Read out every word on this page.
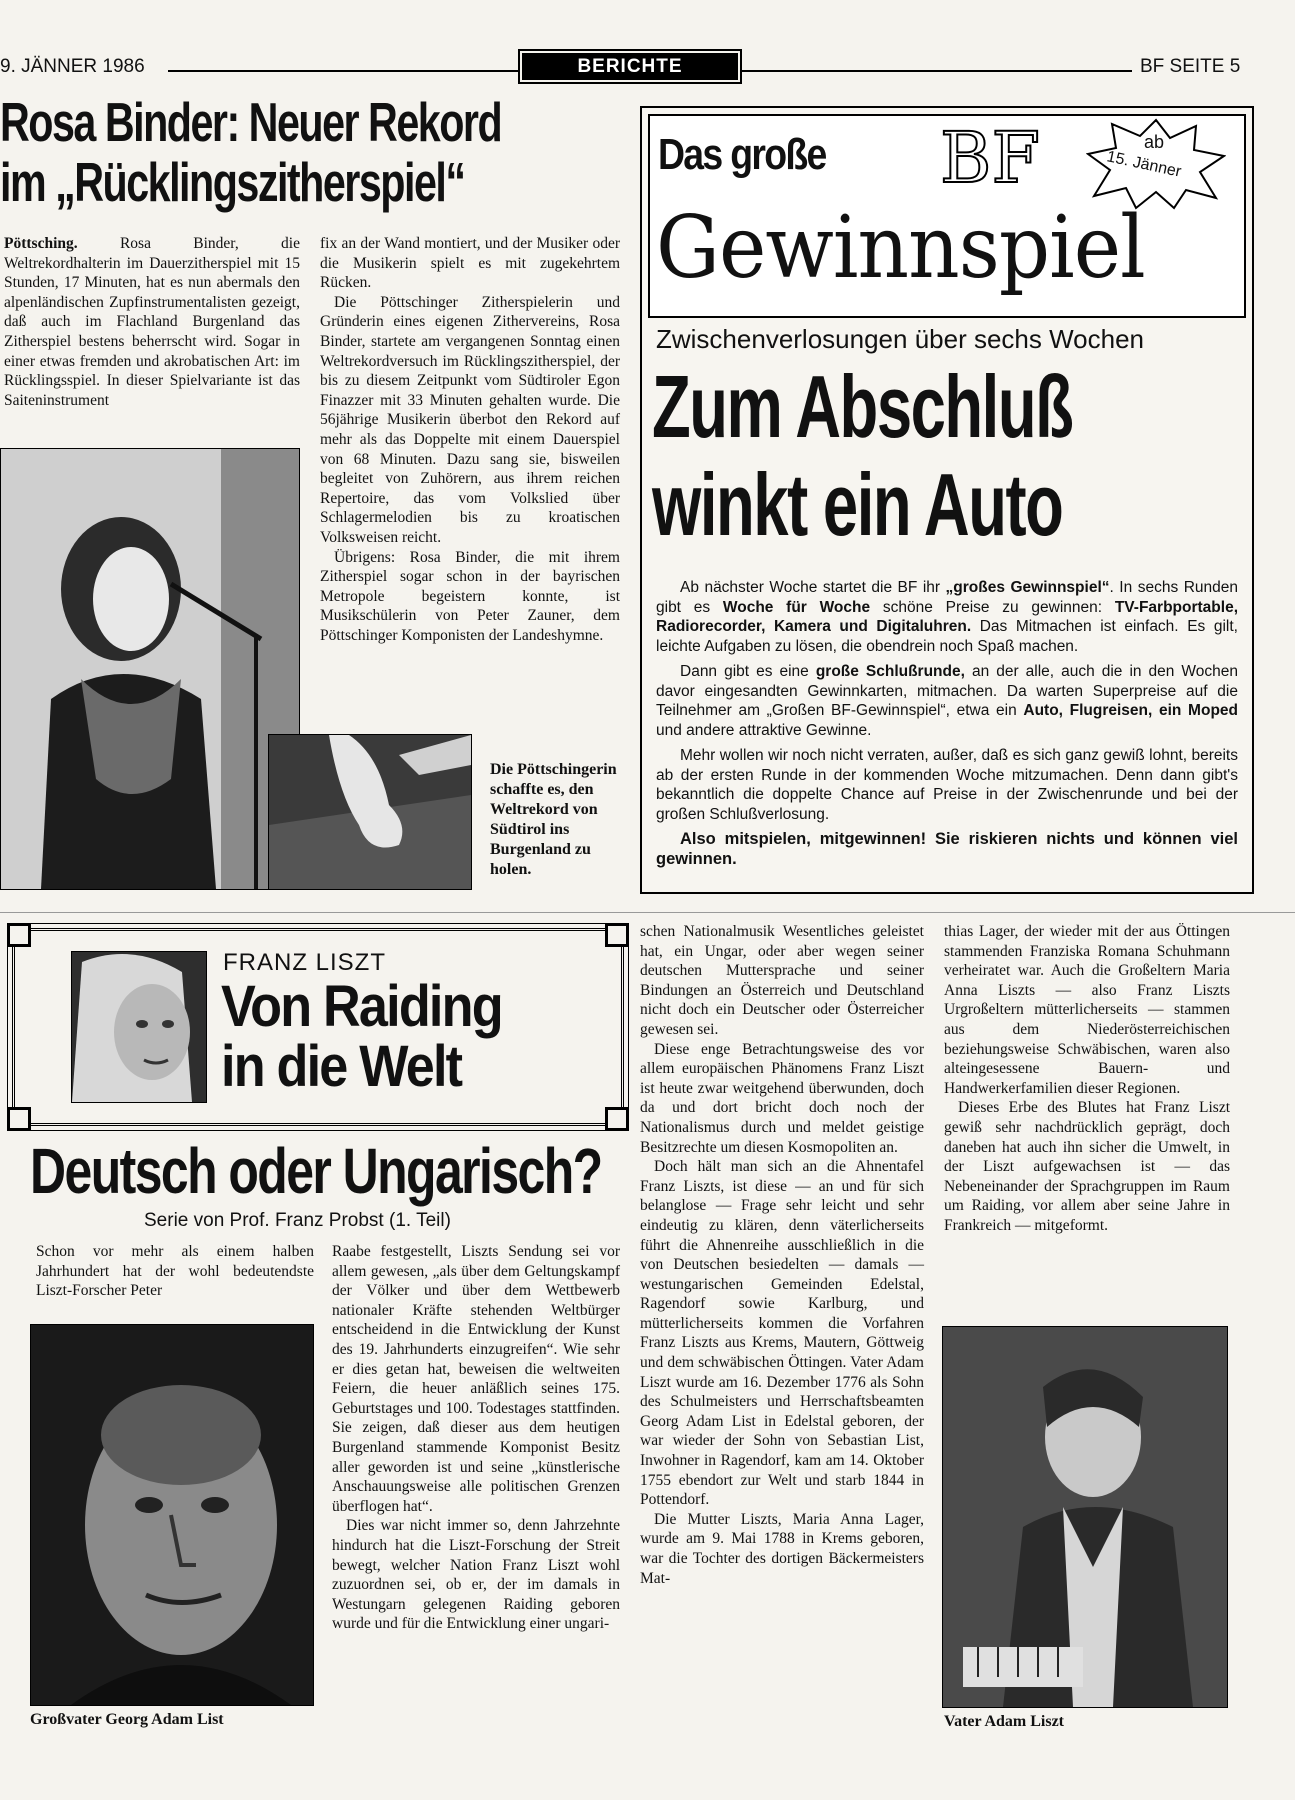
9. JÄNNER 1986	BERICHTE	BF SEITE 5
Rosa Binder: Neuer Rekord
im „Rücklingszitherspiel“

Pöttsching.	Rosa Binder, die Weltrekordhalterin im Dauerzitherspiel mit 15 Stunden, 17 Minuten, hat es nun abermals den alpenländischen Zupfinstrumentalisten gezeigt, daß auch im Flachland Burgenland das Zitherspiel bestens beherrscht wird. Sogar in einer etwas fremden und akrobatischen Art: im Rücklingsspiel. In dieser Spielvariante ist das Saiteninstrument

fix an der Wand montiert, und der Musiker oder die Musikerin spielt es mit zugekehrtem Rücken.

Die Pöttschinger Zitherspielerin und Gründerin eines eigenen Zithervereins, Rosa Binder, startete am vergangenen Sonntag einen Weltrekordversuch im Rücklingszitherspiel, der bis zu diesem Zeitpunkt vom Südtiroler Egon Finazzer mit 33 Minuten gehalten wurde. Die 56jährige Musikerin überbot den Rekord auf mehr als das Doppelte mit einem Dauerspiel von 68 Minuten. Dazu sang sie, bisweilen begleitet von Zuhörern, aus ihrem reichen Repertoire, das vom Volkslied über Schlagermelodien bis zu kroatischen Volksweisen reicht.

Übrigens: Rosa Binder, die mit ihrem Zitherspiel sogar schon in der bayrischen Metropole begeistern konnte, ist Musikschülerin von Peter Zauner, dem Pöttschinger Komponisten der Landeshymne.

Die Pöttschingerin schaffte es, den Weltrekord von Südtirol ins Burgenland zu holen.
Das große BF	ab
15. Jänner
Gewinnspiel
Zwischenverlosungen über sechs Wochen
Zum Abschluß
winkt ein Auto

Ab nächster Woche startet die BF ihr „großes Gewinnspiel“. In sechs Runden gibt es Woche für Woche schöne Preise zu gewinnen: TV-Farbportable, Radiorecorder, Kamera und Digitaluhren. Das Mitmachen ist einfach. Es gilt, leichte Aufgaben zu lösen, die obendrein noch Spaß machen.

Dann gibt es eine große Schlußrunde, an der alle, auch die in den Wochen davor eingesandten Gewinnkarten, mitmachen. Da warten Superpreise auf die Teilnehmer am „Großen BF-Gewinnspiel“, etwa ein Auto, Flugreisen, ein Moped und andere attraktive Gewinne.

Mehr wollen wir noch nicht verraten, außer, daß es sich ganz gewiß lohnt, bereits ab der ersten Runde in der kommenden Woche mitzumachen. Denn dann gibt's bekanntlich die doppelte Chance auf Preise in der Zwischenrunde und bei der großen Schlußverlosung.

Also mitspielen, mitgewinnen! Sie riskieren nichts und können viel gewinnen.

FRANZ LISZT
Von Raiding
in die Welt
Deutsch oder Ungarisch?
Serie von Prof. Franz Probst (1. Teil)

Schon vor mehr als einem halben Jahrhundert hat der wohl bedeutendste Liszt-Forscher Peter

Großvater Georg Adam List

Raabe festgestellt, Liszts Sendung sei vor allem gewesen, „als über dem Geltungskampf der Völker und über dem Wettbewerb nationaler Kräfte stehenden Weltbürger entscheidend in die Entwicklung der Kunst des 19. Jahrhunderts einzugreifen“. Wie sehr er dies getan hat, beweisen die weltweiten Feiern, die heuer anläßlich seines 175. Geburtstages und 100. Todestages stattfinden. Sie zeigen, daß dieser aus dem heutigen Burgenland stammende Komponist Besitz aller geworden ist und seine „künstlerische Anschauungsweise alle politischen Grenzen überflogen hat“.

Dies war nicht immer so, denn Jahrzehnte hindurch hat die Liszt-Forschung der Streit bewegt, welcher Nation Franz Liszt wohl zuzuordnen sei, ob er, der im damals in Westungarn gelegenen Raiding geboren wurde und für die Entwicklung einer ungari-

schen Nationalmusik Wesentliches geleistet hat, ein Ungar, oder aber wegen seiner deutschen Muttersprache und seiner Bindungen an Österreich und Deutschland nicht doch ein Deutscher oder Österreicher gewesen sei.

Diese enge Betrachtungsweise des vor allem europäischen Phänomens Franz Liszt ist heute zwar weitgehend überwunden, doch da und dort bricht doch noch der Nationalismus durch und meldet geistige Besitzrechte um diesen Kosmopoliten an.

Doch hält man sich an die Ahnentafel Franz Liszts, ist diese — an und für sich belanglose — Frage sehr leicht und sehr eindeutig zu klären, denn väterlicherseits führt die Ahnenreihe ausschließlich in die von Deutschen besiedelten — damals — westungarischen Gemeinden Edelstal, Ragendorf sowie Karlburg, und mütterlicherseits kommen die Vorfahren Franz Liszts aus Krems, Mautern, Göttweig und dem schwäbischen Öttingen. Vater Adam Liszt wurde am 16. Dezember 1776 als Sohn des Schulmeisters und Herrschaftsbeamten Georg Adam List in Edelstal geboren, der war wieder der Sohn von Sebastian List, Inwohner in Ragendorf, kam am 14. Oktober 1755 ebendort zur Welt und starb 1844 in Pottendorf.

Die Mutter Liszts, Maria Anna Lager, wurde am 9. Mai 1788 in Krems geboren, war die Tochter des dortigen Bäckermeisters Mat-

thias Lager, der wieder mit der aus Öttingen stammenden Franziska Romana Schuhmann verheiratet war. Auch die Großeltern Maria Anna Liszts — also Franz Liszts Urgroßeltern mütterlicherseits — stammen aus dem Niederösterreichischen beziehungsweise Schwäbischen, waren also alteingesessene Bauern- und Handwerkerfamilien dieser Regionen.

Dieses Erbe des Blutes hat Franz Liszt gewiß sehr nachdrücklich geprägt, doch daneben hat auch ihn sicher die Umwelt, in der Liszt aufgewachsen ist — das Nebeneinander der Sprachgruppen im Raum um Raiding, vor allem aber seine Jahre in Frankreich — mitgeformt.

Vater Adam Liszt
